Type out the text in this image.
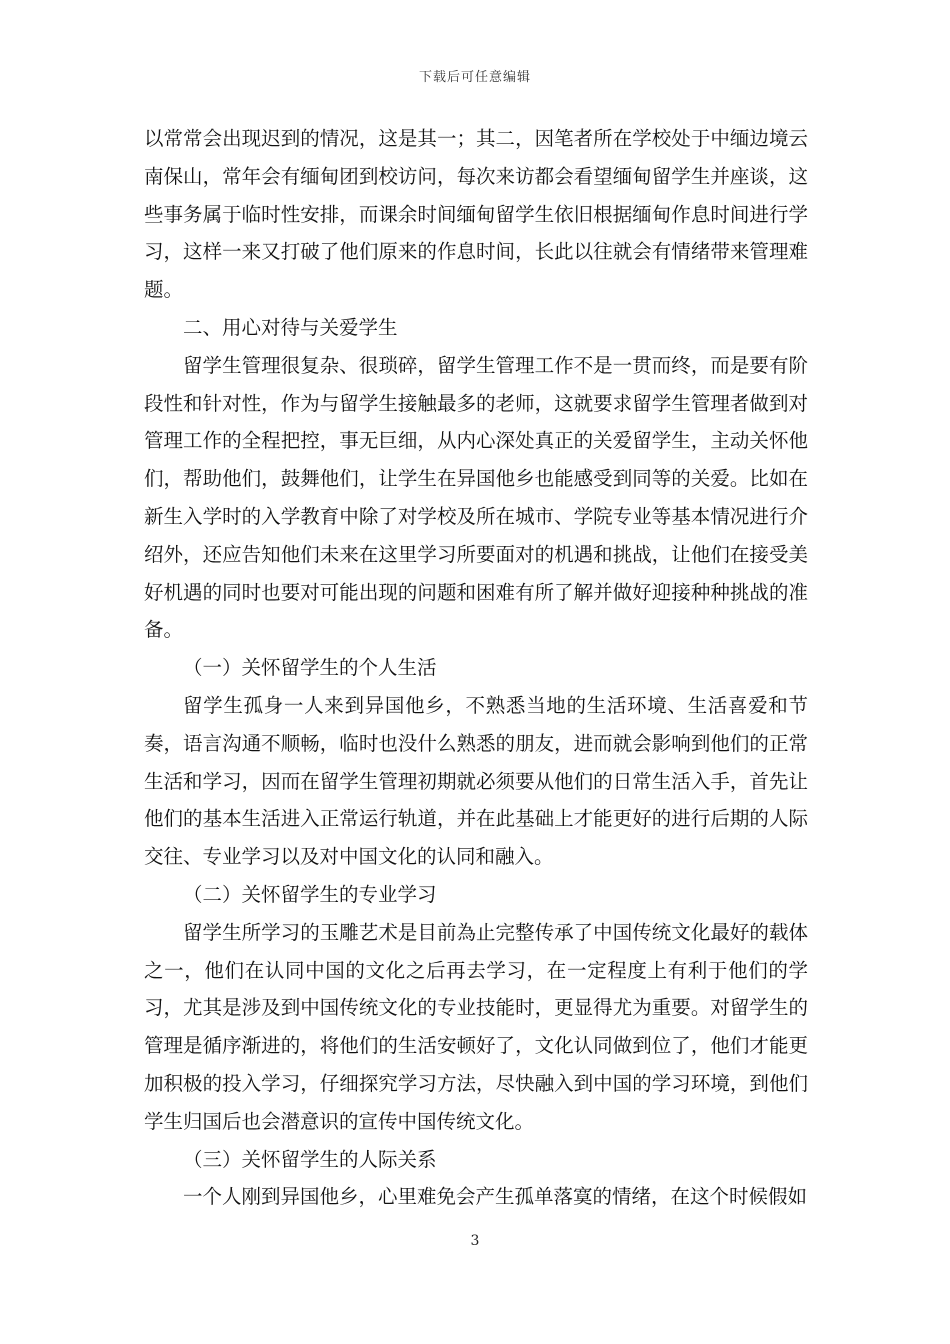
下载后可任意编辑

以常常会出现迟到的情况，这是其一；其二，因笔者所在学校处于中缅边境云南保山，常年会有缅甸团到校访问，每次来访都会看望缅甸留学生并座谈，这些事务属于临时性安排，而课余时间缅甸留学生依旧根据缅甸作息时间进行学习，这样一来又打破了他们原来的作息时间，长此以往就会有情绪带来管理难题。

二、用心对待与关爱学生

留学生管理很复杂、很琐碎，留学生管理工作不是一贯而终，而是要有阶段性和针对性，作为与留学生接触最多的老师，这就要求留学生管理者做到对管理工作的全程把控，事无巨细，从内心深处真正的关爱留学生，主动关怀他们，帮助他们，鼓舞他们，让学生在异国他乡也能感受到同等的关爱。比如在新生入学时的入学教育中除了对学校及所在城市、学院专业等基本情况进行介绍外，还应告知他们未来在这里学习所要面对的机遇和挑战，让他们在接受美好机遇的同时也要对可能出现的问题和困难有所了解并做好迎接种种挑战的准备。

（一）关怀留学生的个人生活

留学生孤身一人来到异国他乡，不熟悉当地的生活环境、生活喜爱和节奏，语言沟通不顺畅，临时也没什么熟悉的朋友，进而就会影响到他们的正常生活和学习，因而在留学生管理初期就必须要从他们的日常生活入手，首先让他们的基本生活进入正常运行轨道，并在此基础上才能更好的进行后期的人际交往、专业学习以及对中国文化的认同和融入。

（二）关怀留学生的专业学习

留学生所学习的玉雕艺术是目前為止完整传承了中国传统文化最好的载体之一，他们在认同中国的文化之后再去学习，在一定程度上有利于他们的学习，尤其是涉及到中国传统文化的专业技能时，更显得尤为重要。对留学生的管理是循序渐进的，将他们的生活安顿好了，文化认同做到位了，他们才能更加积极的投入学习，仔细探究学习方法，尽快融入到中国的学习环境，到他们学生归国后也会潜意识的宣传中国传统文化。

（三）关怀留学生的人际关系

一个人刚到异国他乡，心里难免会产生孤单落寞的情绪，在这个时候假如

3
